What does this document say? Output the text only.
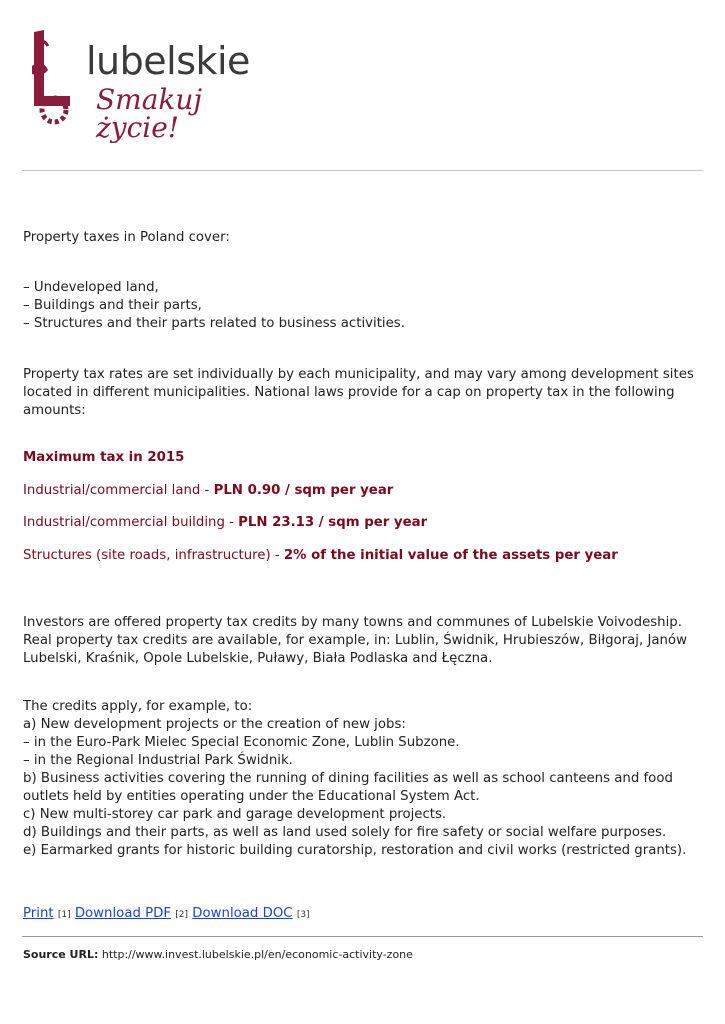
lubelskie
Smakuj życie!

Property taxes in Poland cover:

– Undeveloped land,

– Buildings and their parts,

– Structures and their parts related to business activities.

Property tax rates are set individually by each municipality, and may vary among development sites located in different municipalities. National laws provide for a cap on property tax in the following amounts:

Maximum tax in 2015

Industrial/commercial land - PLN 0.90 / sqm per year
Industrial/commercial building - PLN 23.13 / sqm per year
Structures (site roads, infrastructure) - 2% of the initial value of the assets per year

Investors are offered property tax credits by many towns and communes of Lubelskie Voivodeship. Real property tax credits are available, for example, in: Lublin, Świdnik, Hrubieszów, Biłgoraj, Janów Lubelski, Kraśnik, Opole Lubelskie, Puławy, Biała Podlaska and Łęczna.

The credits apply, for example, to:

a) New development projects or the creation of new jobs:

– in the Euro-Park Mielec Special Economic Zone, Lublin Subzone.

– in the Regional Industrial Park Świdnik.

b) Business activities covering the running of dining facilities as well as school canteens and food outlets held by entities operating under the Educational System Act.

c) New multi-storey car park and garage development projects.

d) Buildings and their parts, as well as land used solely for fire safety or social welfare purposes.

e) Earmarked grants for historic building curatorship, restoration and civil works (restricted grants).

Print [1] Download PDF [2] Download DOC [3]
Source URL: http://www.invest.lubelskie.pl/en/economic-activity-zone
